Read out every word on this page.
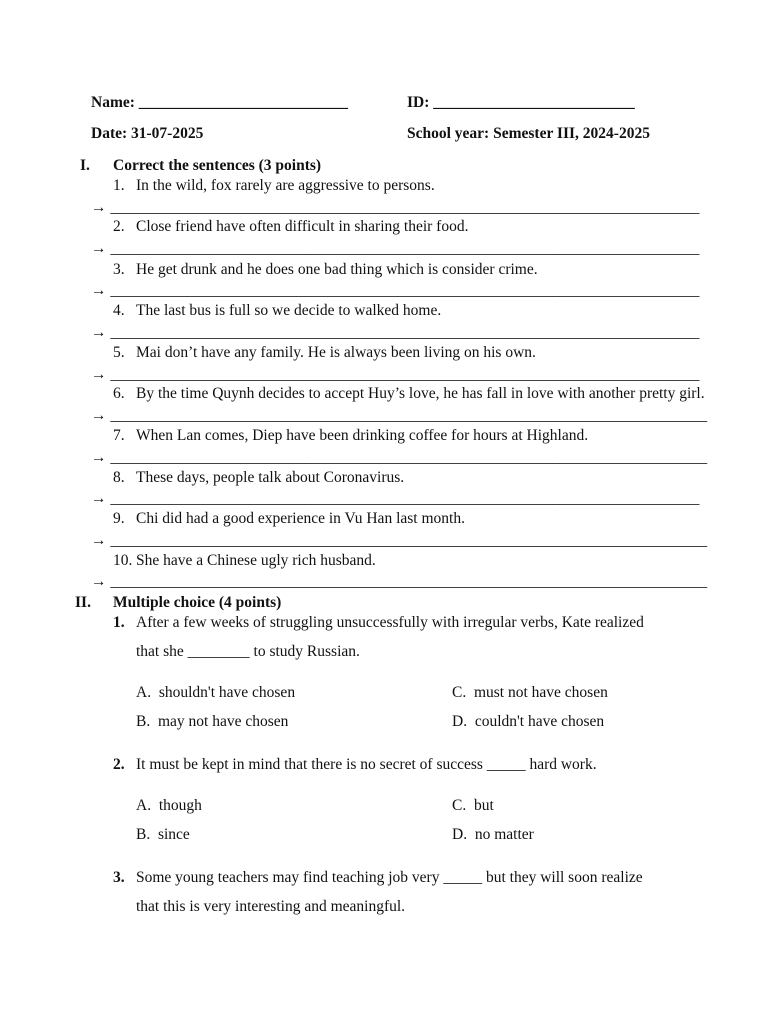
Name: ___________________________	ID: __________________________
Date: 31-07-2025	School year: Semester III, 2024-2025
I. Correct the sentences (3 points)
1. In the wild, fox rarely are aggressive to persons.
→ ____________________________________________________________________________
2. Close friend have often difficult in sharing their food.
→ ____________________________________________________________________________
3. He get drunk and he does one bad thing which is consider crime.
→ ____________________________________________________________________________
4. The last bus is full so we decide to walked home.
→ ____________________________________________________________________________
5. Mai don’t have any family. He is always been living on his own.
→ ____________________________________________________________________________
6. By the time Quynh decides to accept Huy’s love, he has fall in love with another pretty girl.
→ _____________________________________________________________________________
7. When Lan comes, Diep have been drinking coffee for hours at Highland.
→ _____________________________________________________________________________
8. These days, people talk about Coronavirus.
→ ____________________________________________________________________________
9. Chi did had a good experience in Vu Han last month.
→ _____________________________________________________________________________
10. She have a Chinese ugly rich husband.
→ _____________________________________________________________________________
II. Multiple choice (4 points)
1. After a few weeks of struggling unsuccessfully with irregular verbs, Kate realized
that she ________ to study Russian.
A. shouldn't have chosen
B. may not have chosen
C. must not have chosen
D. couldn't have chosen
2. It must be kept in mind that there is no secret of success _____ hard work.
A. though
B. since
C. but
D. no matter
3. Some young teachers may find teaching job very _____ but they will soon realize
that this is very interesting and meaningful.
